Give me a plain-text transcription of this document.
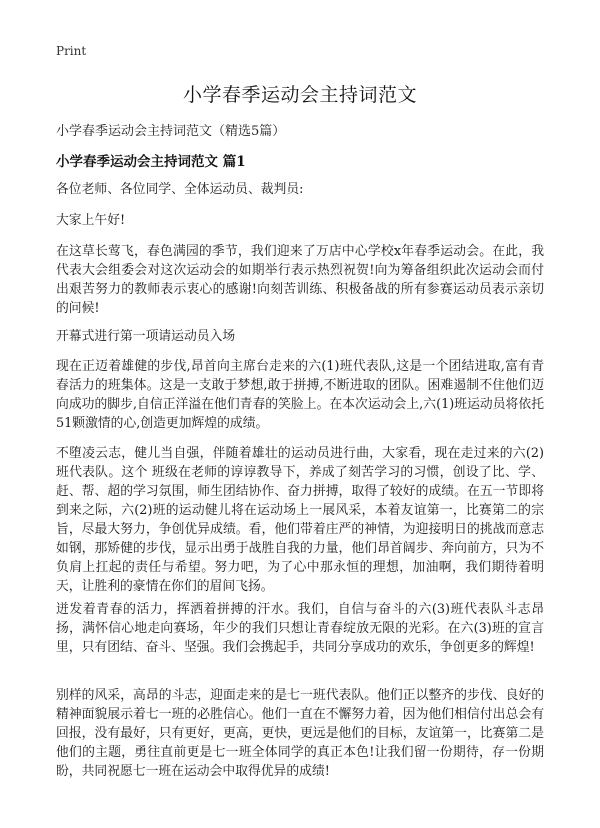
Print
小学春季运动会主持词范文
小学春季运动会主持词范文（精选5篇）
小学春季运动会主持词范文 篇1

各位老师、各位同学、全体运动员、裁判员:

大家上午好!

在这草长莺飞，春色满园的季节，我们迎来了万店中心学校x年春季运动会。在此，我代表大会组委会对这次运动会的如期举行表示热烈祝贺!向为筹备组织此次运动会而付出艰苦努力的教师表示衷心的感谢!向刻苦训练、积极备战的所有参赛运动员表示亲切的问候!

开幕式进行第一项请运动员入场

现在正迈着雄健的步伐,昂首向主席台走来的六(1)班代表队,这是一个团结进取,富有青春活力的班集体。这是一支敢于梦想,敢于拼搏,不断进取的团队。困难遏制不住他们迈向成功的脚步,自信正洋溢在他们青春的笑脸上。在本次运动会上,六(1)班运动员将依托51颗激情的心,创造更加辉煌的成绩。

不堕凌云志，健儿当自强，伴随着雄壮的运动员进行曲，大家看，现在走过来的六(2)班代表队。这个 班级在老师的谆谆教导下，养成了刻苦学习的习惯，创设了比、学、赶、帮、超的学习氛围，师生团结协作、奋力拼搏，取得了较好的成绩。在五一节即将到来之际，六(2)班的运动健儿将在运动场上一展风采，本着友谊第一，比赛第二的宗旨，尽最大努力，争创优异成绩。看，他们带着庄严的神情，为迎接明日的挑战而意志如钢，那矫健的步伐，显示出勇于战胜自我的力量，他们昂首阔步、奔向前方，只为不负肩上扛起的责任与希望。努力吧，为了心中那永恒的理想，加油啊，我们期待着明天，让胜利的豪情在你们的眉间飞扬。

迸发着青春的活力，挥洒着拼搏的汗水。我们，自信与奋斗的六(3)班代表队斗志昂扬，满怀信心地走向赛场，年少的我们只想让青春绽放无限的光彩。在六(3)班的宣言里，只有团结、奋斗、坚强。我们会携起手，共同分享成功的欢乐，争创更多的辉煌!

别样的风采，高昂的斗志，迎面走来的是七一班代表队。他们正以整齐的步伐、良好的精神面貌展示着七一班的必胜信心。他们一直在不懈努力着，因为他们相信付出总会有回报，没有最好，只有更好，更高，更快，更远是他们的目标，友谊第一，比赛第二是他们的主题，勇往直前更是七一班全体同学的真正本色!让我们留一份期待，存一份期盼，共同祝愿七一班在运动会中取得优异的成绩!
